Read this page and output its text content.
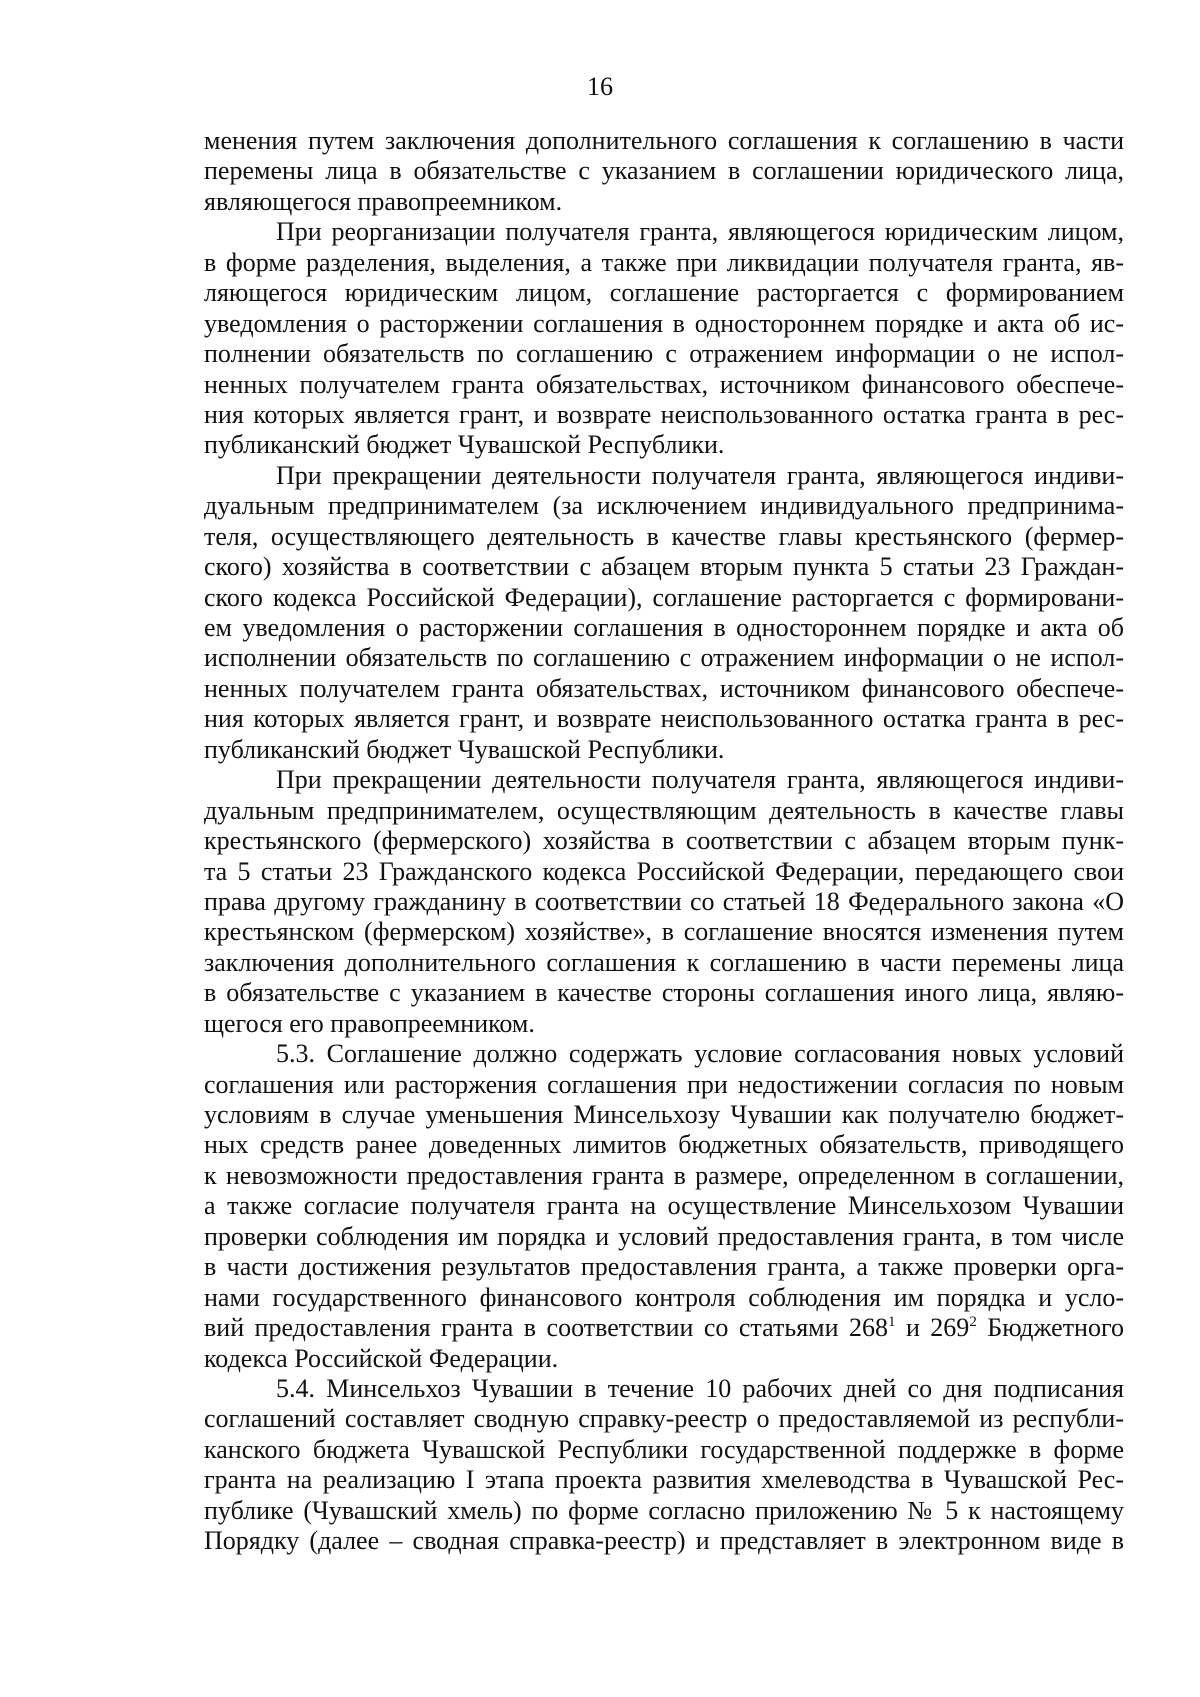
16
менения путем заключения дополнительного соглашения к соглашению в части
перемены лица в обязательстве с указанием в соглашении юридического лица,
являющегося правопреемником.
При реорганизации получателя гранта, являющегося юридическим лицом,
в форме разделения, выделения, а также при ликвидации получателя гранта, яв-
ляющегося юридическим лицом, соглашение расторгается с формированием
уведомления о расторжении соглашения в одностороннем порядке и акта об ис-
полнении обязательств по соглашению с отражением информации о не испол-
ненных получателем гранта обязательствах, источником финансового обеспече-
ния которых является грант, и возврате неиспользованного остатка гранта в рес-
публиканский бюджет Чувашской Республики.
При прекращении деятельности получателя гранта, являющегося индиви-
дуальным предпринимателем (за исключением индивидуального предпринима-
теля, осуществляющего деятельность в качестве главы крестьянского (фермер-
ского) хозяйства в соответствии с абзацем вторым пункта 5 статьи 23 Граждан-
ского кодекса Российской Федерации), соглашение расторгается с формировани-
ем уведомления о расторжении соглашения в одностороннем порядке и акта об
исполнении обязательств по соглашению с отражением информации о не испол-
ненных получателем гранта обязательствах, источником финансового обеспече-
ния которых является грант, и возврате неиспользованного остатка гранта в рес-
публиканский бюджет Чувашской Республики.
При прекращении деятельности получателя гранта, являющегося индиви-
дуальным предпринимателем, осуществляющим деятельность в качестве главы
крестьянского (фермерского) хозяйства в соответствии с абзацем вторым пунк-
та 5 статьи 23 Гражданского кодекса Российской Федерации, передающего свои
права другому гражданину в соответствии со статьей 18 Федерального закона «О
крестьянском (фермерском) хозяйстве», в соглашение вносятся изменения путем
заключения дополнительного соглашения к соглашению в части перемены лица
в обязательстве с указанием в качестве стороны соглашения иного лица, являю-
щегося его правопреемником.
5.3. Соглашение должно содержать условие согласования новых условий
соглашения или расторжения соглашения при недостижении согласия по новым
условиям в случае уменьшения Минсельхозу Чувашии как получателю бюджет-
ных средств ранее доведенных лимитов бюджетных обязательств, приводящего
к невозможности предоставления гранта в размере, определенном в соглашении,
а также согласие получателя гранта на осуществление Минсельхозом Чувашии
проверки соблюдения им порядка и условий предоставления гранта, в том числе
в части достижения результатов предоставления гранта, а также проверки орга-
нами государственного финансового контроля соблюдения им порядка и усло-
вий предоставления гранта в соответствии со статьями $268^1$ и $269^2$ Бюджетного
кодекса Российской Федерации.
5.4. Минсельхоз Чувашии в течение 10 рабочих дней со дня подписания
соглашений составляет сводную справку-реестр о предоставляемой из республи-
канского бюджета Чувашской Республики государственной поддержке в форме
гранта на реализацию I этапа проекта развития хмелеводства в Чувашской Рес-
публике (Чувашский хмель) по форме согласно приложению № 5 к настоящему
Порядку (далее – сводная справка-реестр) и представляет в электронном виде в
